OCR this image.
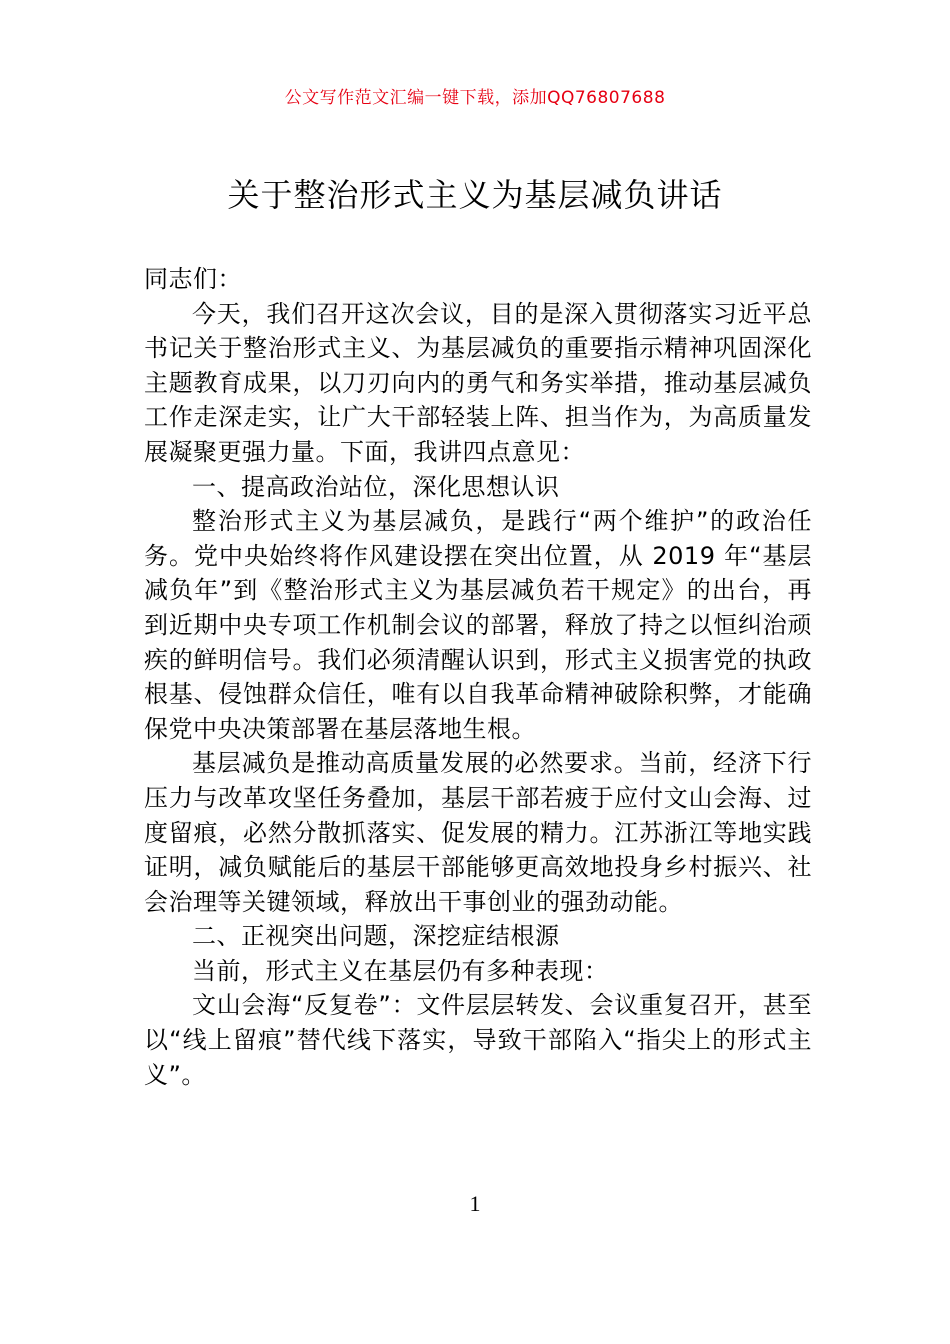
公文写作范文汇编一键下载，添加QQ76807688
关于整治形式主义为基层减负讲话

同志们：

今天，我们召开这次会议，目的是深入贯彻落实习近平总书记关于整治形式主义、为基层减负的重要指示精神巩固深化主题教育成果，以刀刃向内的勇气和务实举措，推动基层减负工作走深走实，让广大干部轻装上阵、担当作为，为高质量发展凝聚更强力量。下面，我讲四点意见：

一、提高政治站位，深化思想认识

整治形式主义为基层减负，是践行“两个维护”的政治任务。党中央始终将作风建设摆在突出位置，从 2019 年“基层减负年”到《整治形式主义为基层减负若干规定》的出台，再到近期中央专项工作机制会议的部署，释放了持之以恒纠治顽疾的鲜明信号。我们必须清醒认识到，形式主义损害党的执政根基、侵蚀群众信任，唯有以自我革命精神破除积弊，才能确保党中央决策部署在基层落地生根。

基层减负是推动高质量发展的必然要求。当前，经济下行压力与改革攻坚任务叠加，基层干部若疲于应付文山会海、过度留痕，必然分散抓落实、促发展的精力。江苏浙江等地实践证明，减负赋能后的基层干部能够更高效地投身乡村振兴、社会治理等关键领域，释放出干事创业的强劲动能。

二、正视突出问题，深挖症结根源

当前，形式主义在基层仍有多种表现：

文山会海“反复卷”：文件层层转发、会议重复召开，甚至以“线上留痕”替代线下落实，导致干部陷入“指尖上的形式主义”。

1
